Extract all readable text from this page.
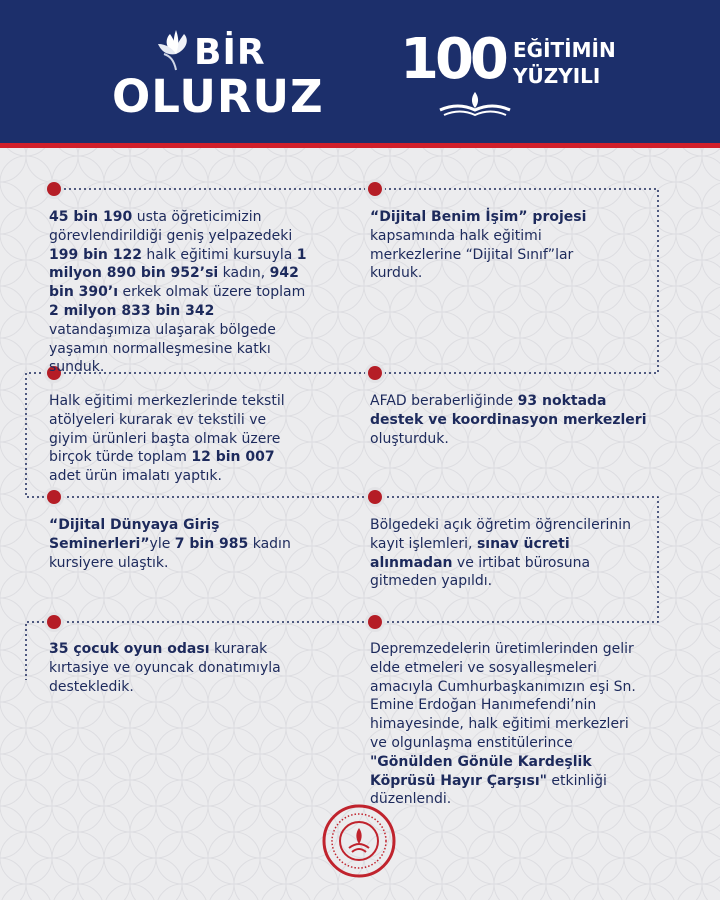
BİR
OLURUZ
100 EĞİTİMİN
YÜZYILI
45 bin 190 usta öğreticimizin görevlendirildiği geniş yelpazedeki 199 bin 122 halk eğitimi kursuyla 1 milyon 890 bin 952’si kadın, 942 bin 390’ı erkek olmak üzere toplam 2 milyon 833 bin 342 vatandaşımıza ulaşarak bölgede yaşamın normalleşmesine katkı sunduk.
“Dijital Benim İşim” projesi kapsamında halk eğitimi merkezlerine “Dijital Sınıf”lar kurduk.
Halk eğitimi merkezlerinde tekstil atölyeleri kurarak ev tekstili ve giyim ürünleri başta olmak üzere birçok türde toplam 12 bin 007 adet ürün imalatı yaptık.
AFAD beraberliğinde 93 noktada destek ve koordinasyon merkezleri oluşturduk.
“Dijital Dünyaya Giriş Seminerleri”yle 7 bin 985 kadın kursiyere ulaştık.
Bölgedeki açık öğretim öğrencilerinin kayıt işlemleri, sınav ücreti alınmadan ve irtibat bürosuna gitmeden yapıldı.
35 çocuk oyun odası kurarak kırtasiye ve oyuncak donatımıyla destekledik.
Depremzedelerin üretimlerinden gelir elde etmeleri ve sosyalleşmeleri amacıyla Cumhurbaşkanımızın eşi Sn. Emine Erdoğan Hanımefendi’nin himayesinde, halk eğitimi merkezleri ve olgunlaşma enstitülerince "Gönülden Gönüle Kardeşlik Köprüsü Hayır Çarşısı" etkinliği düzenlendi.
